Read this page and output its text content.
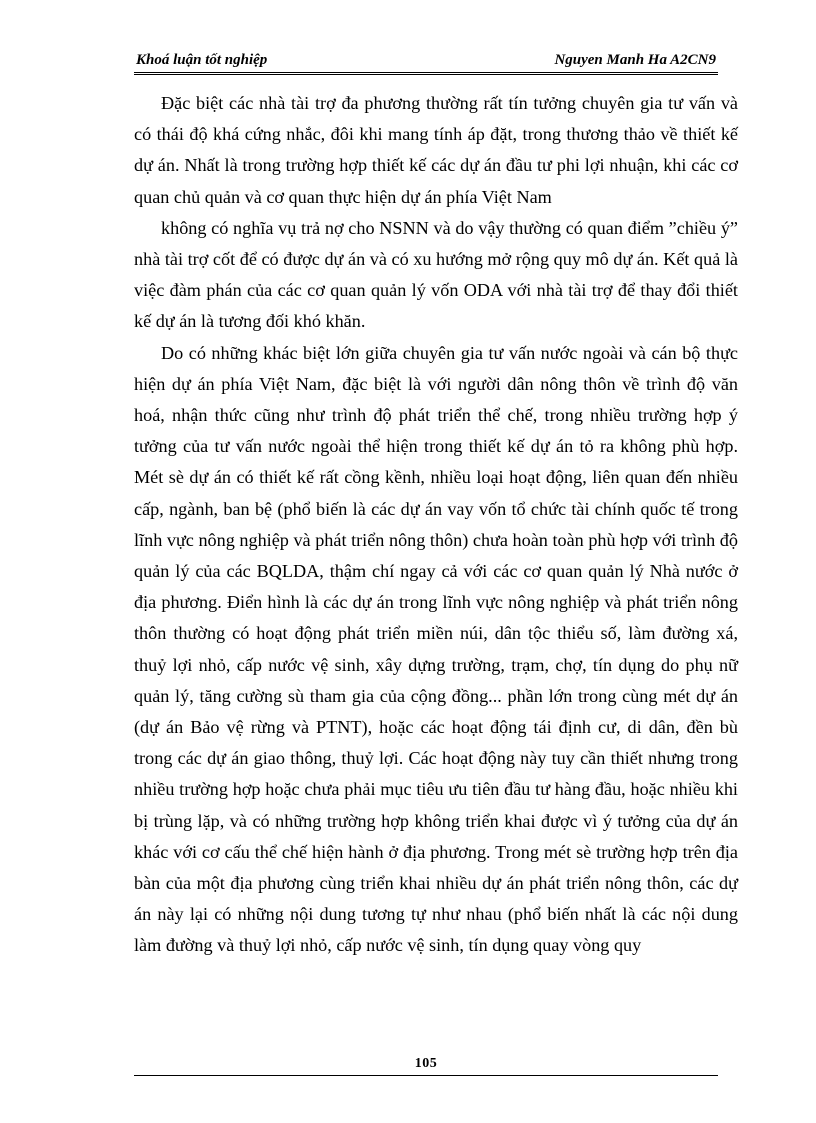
Khoá luận tốt nghiệp	Nguyen Manh Ha A2CN9

Đặc biệt các nhà tài trợ đa phương thường rất tín tưởng chuyên gia tư vấn và có thái độ khá cứng nhắc, đôi khi mang tính áp đặt, trong thương thảo về thiết kế dự án. Nhất là trong trường hợp thiết kế các dự án đầu tư phi lợi nhuận, khi các cơ quan chủ quản và cơ quan thực hiện dự án phía Việt Nam

không có nghĩa vụ trả nợ cho NSNN và do vậy thường có quan điểm ”chiều ý” nhà tài trợ cốt để có được dự án và có xu hướng mở rộng quy mô dự án. Kết quả là việc đàm phán của các cơ quan quản lý vốn ODA với nhà tài trợ để thay đổi thiết kế dự án là tương đối khó khăn.

Do có những khác biệt lớn giữa chuyên gia tư vấn nước ngoài và cán bộ thực hiện dự án phía Việt Nam, đặc biệt là với người dân nông thôn về trình độ văn hoá, nhận thức cũng như trình độ phát triển thể chế, trong nhiều trường hợp ý tưởng của tư vấn nước ngoài thể hiện trong thiết kế dự án tỏ ra không phù hợp. Mét sè dự án có thiết kế rất cồng kềnh, nhiều loại hoạt động, liên quan đến nhiều cấp, ngành, ban bệ (phổ biến là các dự án vay vốn tổ chức tài chính quốc tế trong lĩnh vực nông nghiệp và phát triển nông thôn) chưa hoàn toàn phù hợp với trình độ quản lý của các BQLDA, thậm chí ngay cả với các cơ quan quản lý Nhà nước ở địa phương. Điển hình là các dự án trong lĩnh vực nông nghiệp và phát triển nông thôn thường có hoạt động phát triển miền núi, dân tộc thiểu số, làm đường xá, thuỷ lợi nhỏ, cấp nước vệ sinh, xây dựng trường, trạm, chợ, tín dụng do phụ nữ quản lý, tăng cường sù tham gia của cộng đồng... phần lớn trong cùng mét dự án (dự án Bảo vệ rừng và PTNT), hoặc các hoạt động tái định cư, di dân, đền bù trong các dự án giao thông, thuỷ lợi. Các hoạt động này tuy cần thiết nhưng trong nhiều trường hợp hoặc chưa phải mục tiêu ưu tiên đầu tư hàng đầu, hoặc nhiều khi bị trùng lặp, và có những trường hợp không triển khai được vì ý tưởng của dự án khác với cơ cấu thể chế hiện hành ở địa phương. Trong mét sè trường hợp trên địa bàn của một địa phương cùng triển khai nhiều dự án phát triển nông thôn, các dự án này lại có những nội dung tương tự như nhau (phổ biến nhất là các nội dung làm đường và thuỷ lợi nhỏ, cấp nước vệ sinh, tín dụng quay vòng quy

105
